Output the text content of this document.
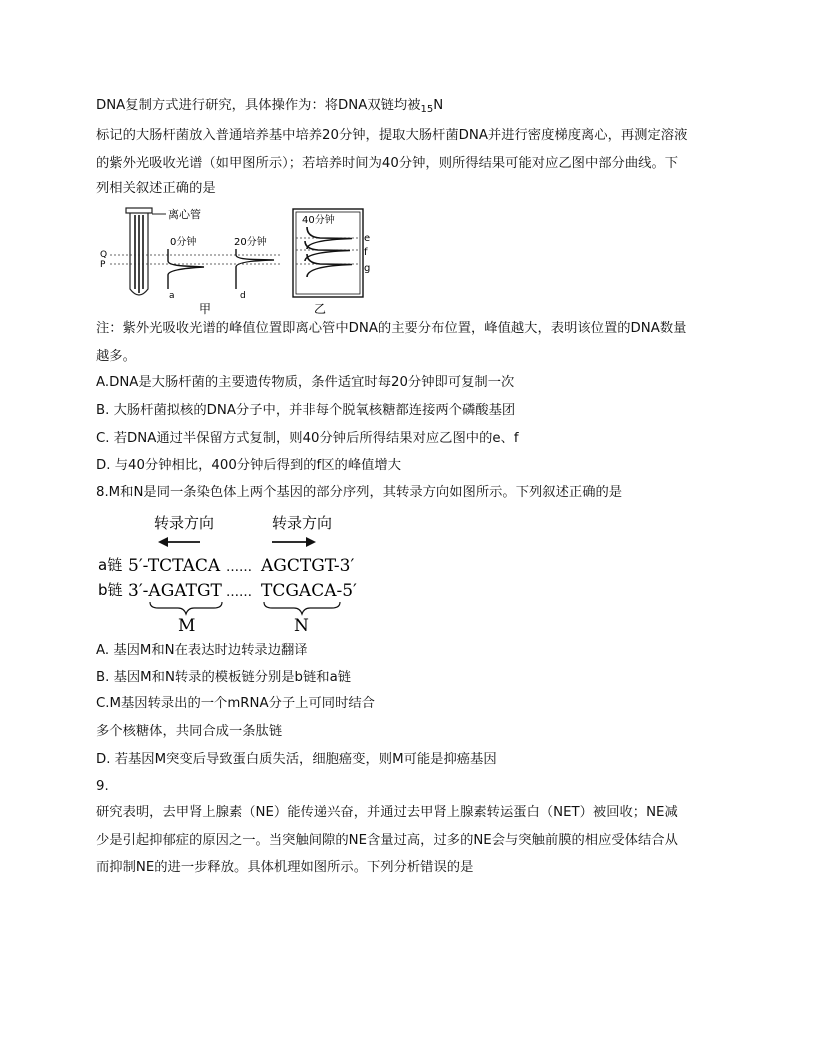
DNA复制方式进行研究，具体操作为：将DNA双链均被$_{15}$N
标记的大肠杆菌放入普通培养基中培养20分钟，提取大肠杆菌DNA并进行密度梯度离心，再测定溶液
的紫外光吸收光谱（如甲图所示）；若培养时间为40分钟，则所得结果可能对应乙图中部分曲线。下
列相关叙述正确的是
离心管
Q
P
0分钟
a
20分钟
d
甲
40分钟
e
f
g
乙
注：紫外光吸收光谱的峰值位置即离心管中DNA的主要分布位置，峰值越大，表明该位置的DNA数量
越多。
A.DNA是大肠杆菌的主要遗传物质，条件适宜时每20分钟即可复制一次
B. 大肠杆菌拟核的DNA分子中，并非每个脱氧核糖都连接两个磷酸基团
C. 若DNA通过半保留方式复制，则40分钟后所得结果对应乙图中的e、f
D. 与40分钟相比，400分钟后得到的f区的峰值增大
8.M和N是同一条染色体上两个基因的部分序列，其转录方向如图所示。下列叙述正确的是
转录方向	转录方向
a链
b链
5′-TCTACA …… AGCTGT-3′
3′-AGATGT …… TCGACA-5′
M	N
A. 基因M和N在表达时边转录边翻译
B. 基因M和N转录的模板链分别是b链和a链
C.M基因转录出的一个mRNA分子上可同时结合
多个核糖体，共同合成一条肽链
D. 若基因M突变后导致蛋白质失活，细胞癌变，则M可能是抑癌基因
9.
研究表明，去甲肾上腺素（NE）能传递兴奋，并通过去甲肾上腺素转运蛋白（NET）被回收；NE减
少是引起抑郁症的原因之一。当突触间隙的NE含量过高，过多的NE会与突触前膜的相应受体结合从
而抑制NE的进一步释放。具体机理如图所示。下列分析错误的是
